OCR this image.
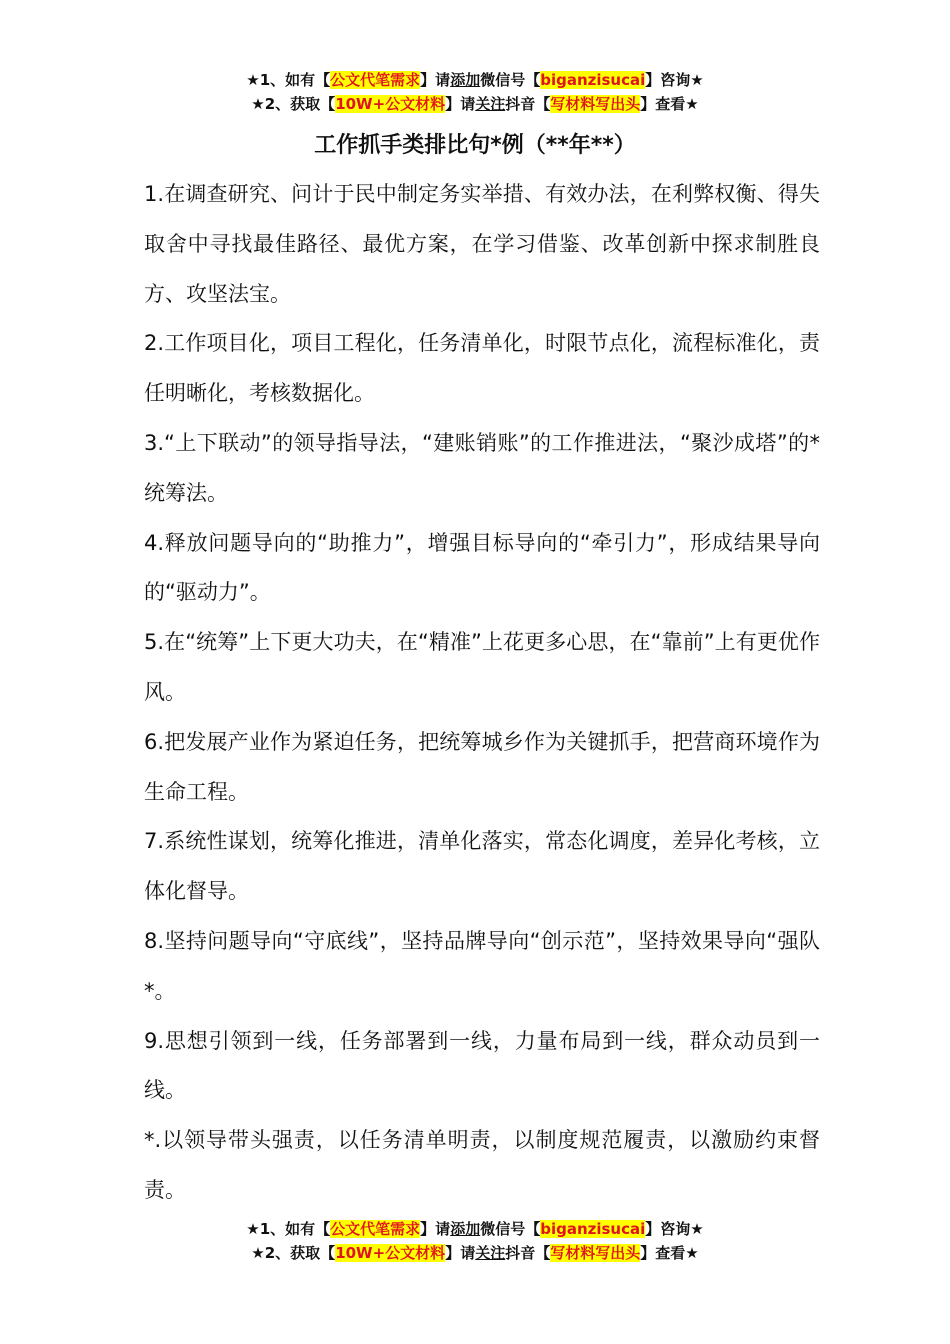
★1、如有【公文代笔需求】请添加微信号【biganzisucai】咨询★
★2、获取【10W+公文材料】请关注抖音【写材料写出头】查看★
工作抓手类排比句*例（**年**）

1.在调查研究、问计于民中制定务实举措、有效办法，在利弊权衡、得失取舍中寻找最佳路径、最优方案，在学习借鉴、改革创新中探求制胜良方、攻坚法宝。

2.工作项目化，项目工程化，任务清单化，时限节点化，流程标准化，责任明晰化，考核数据化。

3.“上下联动”的领导指导法，“建账销账”的工作推进法，“聚沙成塔”的*统筹法。

4.释放问题导向的“助推力”，增强目标导向的“牵引力”，形成结果导向的“驱动力”。

5.在“统筹”上下更大功夫，在“精准”上花更多心思，在“靠前”上有更优作风。

6.把发展产业作为紧迫任务，把统筹城乡作为关键抓手，把营商环境作为生命工程。

7.系统性谋划，统筹化推进，清单化落实，常态化调度，差异化考核，立体化督导。

8.坚持问题导向“守底线”，坚持品牌导向“创示范”，坚持效果导向“强队*。

9.思想引领到一线，任务部署到一线，力量布局到一线，群众动员到一线。

*.以领导带头强责，以任务清单明责，以制度规范履责，以激励约束督责。

★1、如有【公文代笔需求】请添加微信号【biganzisucai】咨询★
★2、获取【10W+公文材料】请关注抖音【写材料写出头】查看★
